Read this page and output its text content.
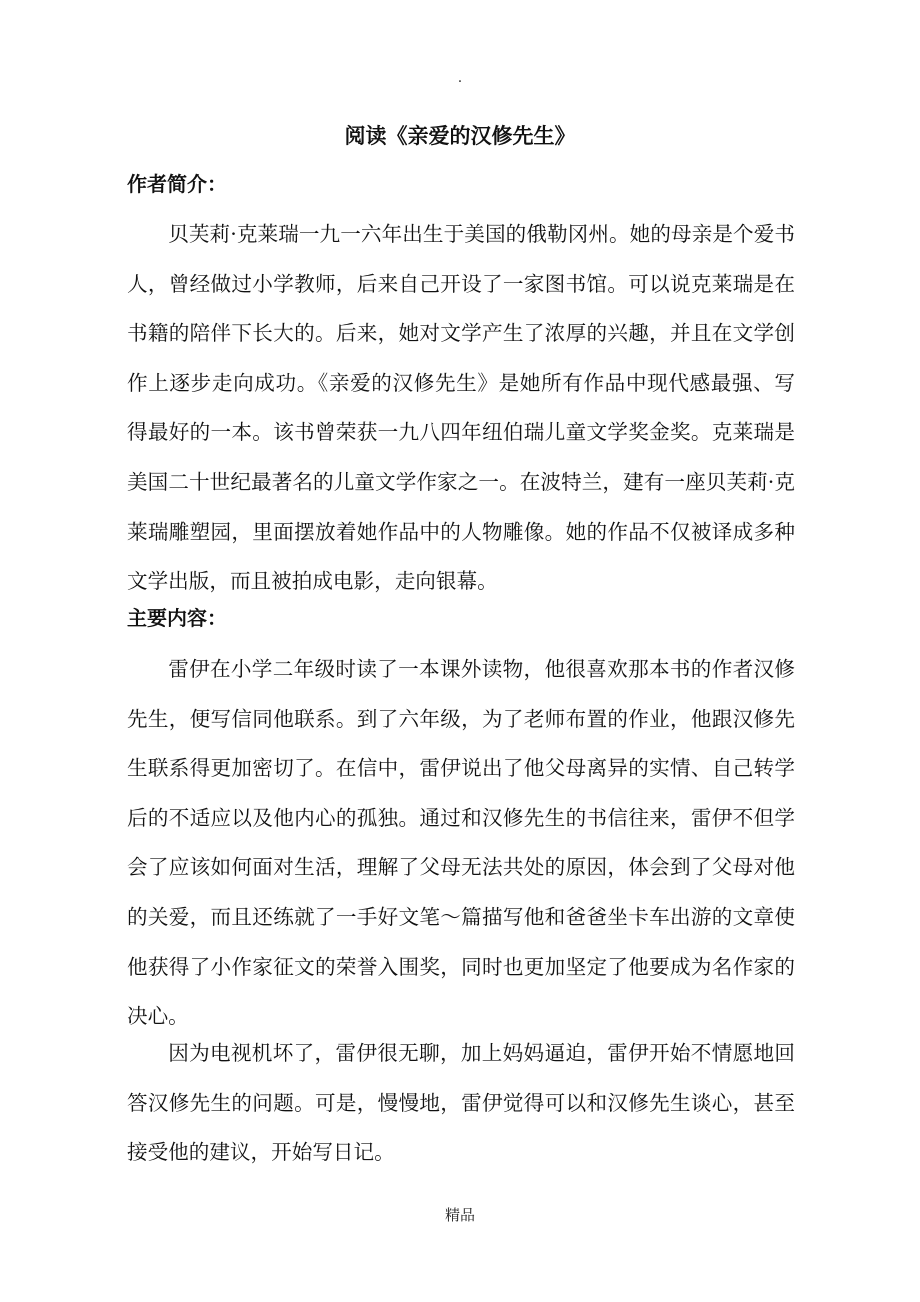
.
阅读《亲爱的汉修先生》
作者简介：

贝芙莉·克莱瑞一九一六年出生于美国的俄勒冈州。她的母亲是个爱书人，曾经做过小学教师，后来自己开设了一家图书馆。可以说克莱瑞是在书籍的陪伴下长大的。后来，她对文学产生了浓厚的兴趣，并且在文学创作上逐步走向成功。《亲爱的汉修先生》是她所有作品中现代感最强、写得最好的一本。该书曾荣获一九八四年纽伯瑞儿童文学奖金奖。克莱瑞是美国二十世纪最著名的儿童文学作家之一。在波特兰，建有一座贝芙莉·克莱瑞雕塑园，里面摆放着她作品中的人物雕像。她的作品不仅被译成多种文学出版，而且被拍成电影，走向银幕。

主要内容：

雷伊在小学二年级时读了一本课外读物，他很喜欢那本书的作者汉修先生，便写信同他联系。到了六年级，为了老师布置的作业，他跟汉修先生联系得更加密切了。在信中，雷伊说出了他父母离异的实情、自己转学后的不适应以及他内心的孤独。通过和汉修先生的书信往来，雷伊不但学会了应该如何面对生活，理解了父母无法共处的原因，体会到了父母对他的关爱，而且还练就了一手好文笔～篇描写他和爸爸坐卡车出游的文章使他获得了小作家征文的荣誉入围奖，同时也更加坚定了他要成为名作家的决心。

因为电视机坏了，雷伊很无聊，加上妈妈逼迫，雷伊开始不情愿地回答汉修先生的问题。可是，慢慢地，雷伊觉得可以和汉修先生谈心，甚至接受他的建议，开始写日记。

精品
